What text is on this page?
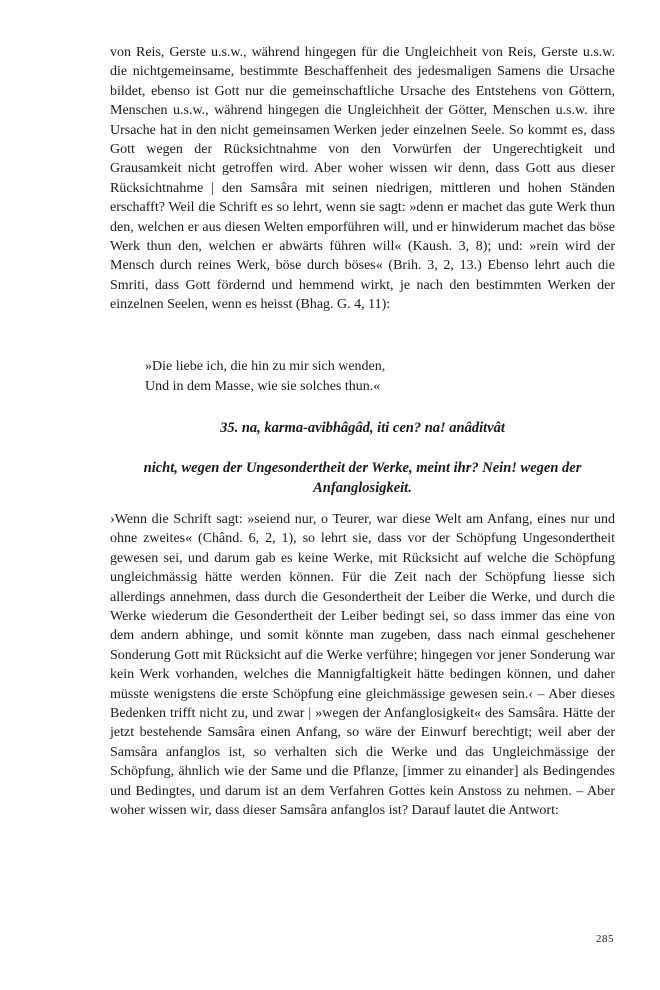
von Reis, Gerste u.s.w., während hingegen für die Ungleichheit von Reis, Gerste u.s.w. die nichtgemeinsame, bestimmte Beschaffenheit des jedesmaligen Samens die Ursache bildet, ebenso ist Gott nur die gemeinschaftliche Ursache des Entstehens von Göttern, Menschen u.s.w., während hingegen die Ungleichheit der Götter, Menschen u.s.w. ihre Ursache hat in den nicht gemeinsamen Werken jeder einzelnen Seele. So kommt es, dass Gott wegen der Rücksichtnahme von den Vorwürfen der Ungerechtigkeit und Grausamkeit nicht getroffen wird. Aber woher wissen wir denn, dass Gott aus dieser Rücksichtnahme | den Samsâra mit seinen niedrigen, mittleren und hohen Ständen erschafft? Weil die Schrift es so lehrt, wenn sie sagt: »denn er machet das gute Werk thun den, welchen er aus diesen Welten emporführen will, und er hinwiderum machet das böse Werk thun den, welchen er abwärts führen will« (Kaush. 3, 8); und: »rein wird der Mensch durch reines Werk, böse durch böses« (Brih. 3, 2, 13.) Ebenso lehrt auch die Smriti, dass Gott fördernd und hemmend wirkt, je nach den bestimmten Werken der einzelnen Seelen, wenn es heisst (Bhag. G. 4, 11):

»Die liebe ich, die hin zu mir sich wenden,
Und in dem Masse, wie sie solches thun.«
35. na, karma-avibhâgâd, iti cen? na! anâditvât
nicht, wegen der Ungesondertheit der Werke, meint ihr? Nein! wegen der Anfanglosigkeit.

›Wenn die Schrift sagt: »seiend nur, o Teurer, war diese Welt am Anfang, eines nur und ohne zweites« (Chând. 6, 2, 1), so lehrt sie, dass vor der Schöpfung Ungesondertheit gewesen sei, und darum gab es keine Werke, mit Rücksicht auf welche die Schöpfung ungleichmässig hätte werden können. Für die Zeit nach der Schöpfung liesse sich allerdings annehmen, dass durch die Gesondertheit der Leiber die Werke, und durch die Werke wiederum die Gesondertheit der Leiber bedingt sei, so dass immer das eine von dem andern abhinge, und somit könnte man zugeben, dass nach einmal geschehener Sonderung Gott mit Rücksicht auf die Werke verführe; hingegen vor jener Sonderung war kein Werk vorhanden, welches die Mannigfaltigkeit hätte bedingen können, und daher müsste wenigstens die erste Schöpfung eine gleichmässige gewesen sein.‹ – Aber dieses Bedenken trifft nicht zu, und zwar | »wegen der Anfanglosigkeit« des Samsâra. Hätte der jetzt bestehende Samsâra einen Anfang, so wäre der Einwurf berechtigt; weil aber der Samsâra anfanglos ist, so verhalten sich die Werke und das Ungleichmässige der Schöpfung, ähnlich wie der Same und die Pflanze, [immer zu einander] als Bedingendes und Bedingtes, und darum ist an dem Verfahren Gottes kein Anstoss zu nehmen. – Aber woher wissen wir, dass dieser Samsâra anfanglos ist? Darauf lautet die Antwort:

285
